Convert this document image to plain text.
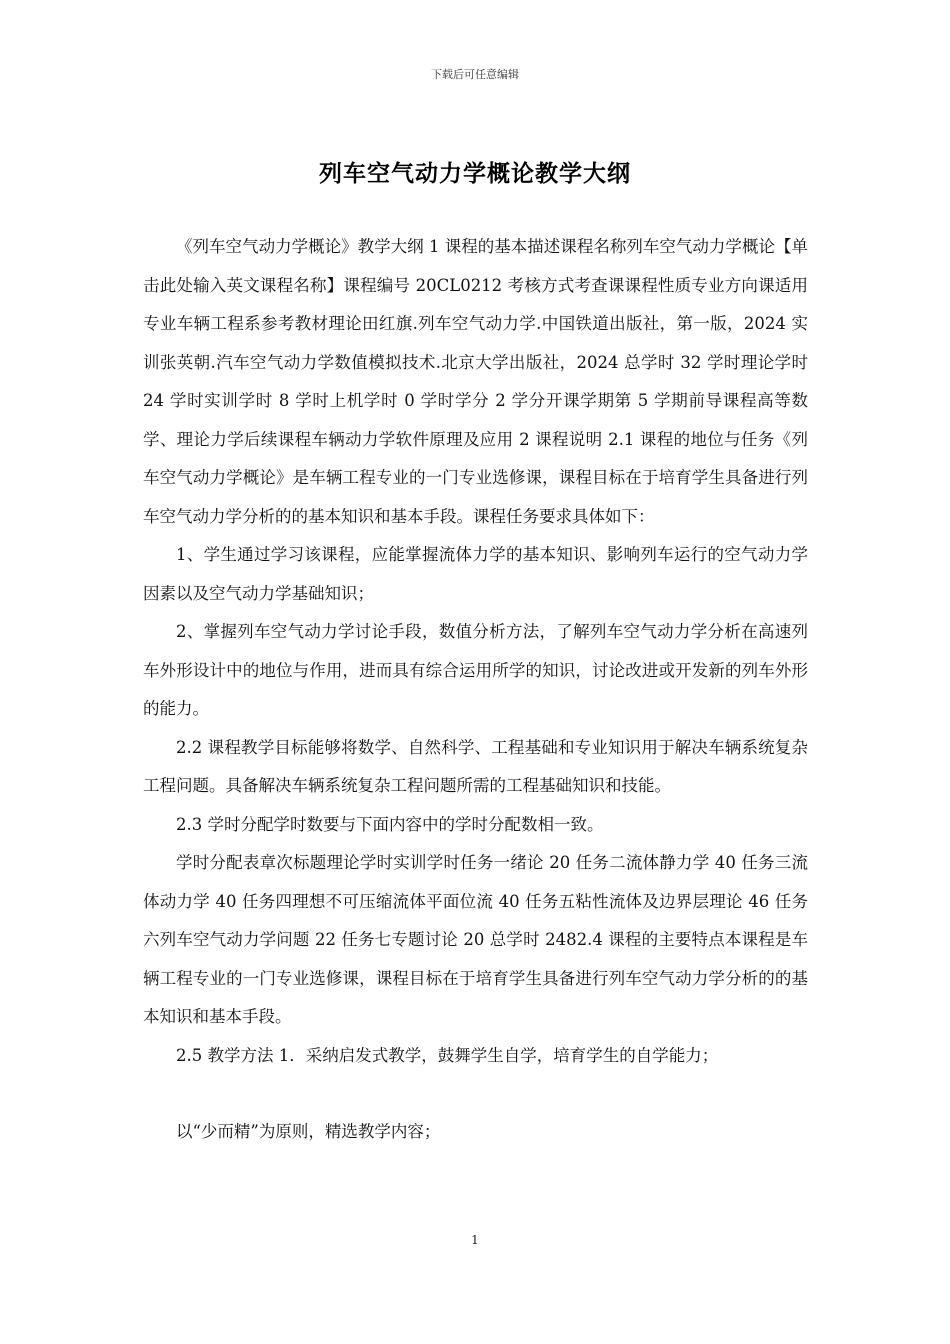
下载后可任意编辑
列车空气动力学概论教学大纲

《列车空气动力学概论》教学大纲 1 课程的基本描述课程名称列车空气动力学概论【单击此处输入英文课程名称】课程编号 20CL0212 考核方式考查课课程性质专业方向课适用专业车辆工程系参考教材理论田红旗.列车空气动力学.中国铁道出版社，第一版，2024 实训张英朝.汽车空气动力学数值模拟技术.北京大学出版社，2024 总学时 32 学时理论学时 24 学时实训学时 8 学时上机学时 0 学时学分 2 学分开课学期第 5 学期前导课程高等数学、理论力学后续课程车辆动力学软件原理及应用 2 课程说明 2.1 课程的地位与任务《列车空气动力学概论》是车辆工程专业的一门专业选修课，课程目标在于培育学生具备进行列车空气动力学分析的的基本知识和基本手段。课程任务要求具体如下：

1、学生通过学习该课程，应能掌握流体力学的基本知识、影响列车运行的空气动力学因素以及空气动力学基础知识；

2、掌握列车空气动力学讨论手段，数值分析方法，了解列车空气动力学分析在高速列车外形设计中的地位与作用，进而具有综合运用所学的知识，讨论改进或开发新的列车外形的能力。

2.2 课程教学目标能够将数学、自然科学、工程基础和专业知识用于解决车辆系统复杂工程问题。具备解决车辆系统复杂工程问题所需的工程基础知识和技能。

2.3 学时分配学时数要与下面内容中的学时分配数相一致。

学时分配表章次标题理论学时实训学时任务一绪论 20 任务二流体静力学 40 任务三流体动力学 40 任务四理想不可压缩流体平面位流 40 任务五粘性流体及边界层理论 46 任务六列车空气动力学问题 22 任务七专题讨论 20 总学时 2482.4 课程的主要特点本课程是车辆工程专业的一门专业选修课，课程目标在于培育学生具备进行列车空气动力学分析的的基本知识和基本手段。

2.5 教学方法 1．采纳启发式教学，鼓舞学生自学，培育学生的自学能力；

以“少而精”为原则，精选教学内容；

1
